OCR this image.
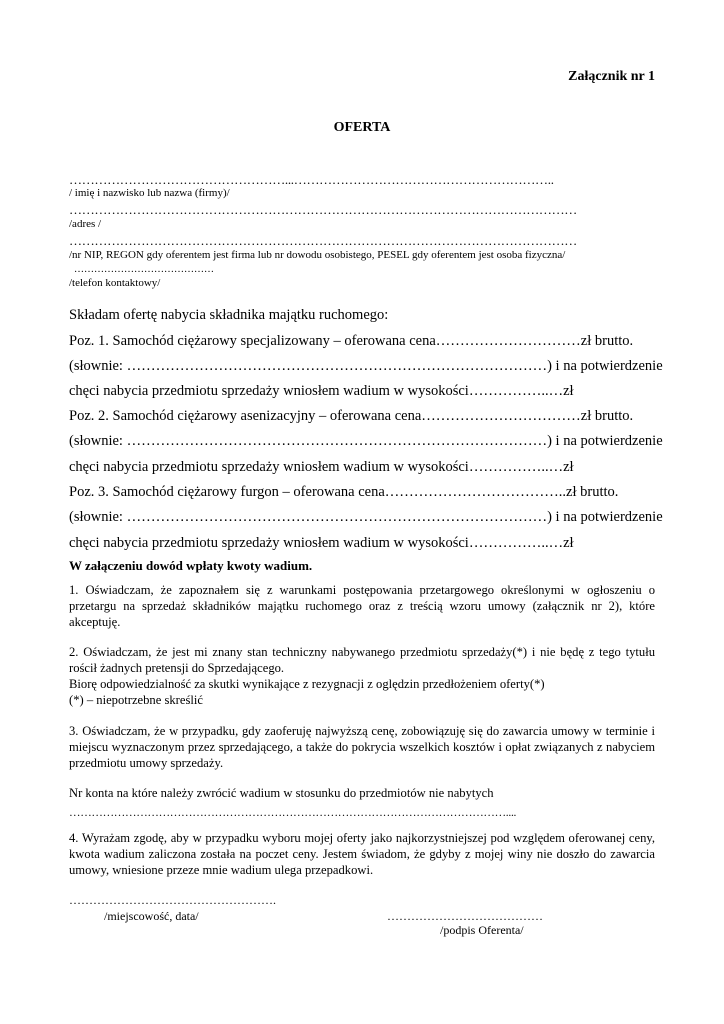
Załącznik nr 1
OFERTA
……………………………………………...……………………………………………………..
/ imię i nazwisko lub nazwa (firmy)/
…………………………………………………………………………………………………………
/adres /
…………………………………………………………………………………………………………
/nr NIP, REGON gdy oferentem jest firma lub nr dowodu osobistego, PESEL gdy oferentem jest osoba fizyczna/
……………………………………
/telefon kontaktowy/
Składam ofertę nabycia składnika majątku ruchomego:
Poz. 1. Samochód ciężarowy specjalizowany – oferowana cena…………………………zł brutto.
(słownie: ……………………………………………………………………………) i na potwierdzenie
chęci nabycia przedmiotu sprzedaży wniosłem wadium w wysokości……………..…zł
Poz. 2. Samochód ciężarowy asenizacyjny – oferowana cena……………………………zł brutto.
(słownie: ……………………………………………………………………………) i na potwierdzenie
chęci nabycia przedmiotu sprzedaży wniosłem wadium w wysokości……………..…zł
Poz. 3. Samochód ciężarowy furgon – oferowana cena………………………………..zł brutto.
(słownie: ……………………………………………………………………………) i na potwierdzenie
chęci nabycia przedmiotu sprzedaży wniosłem wadium w wysokości……………..…zł
W załączeniu dowód wpłaty kwoty wadium.
1. Oświadczam, że zapoznałem się z warunkami postępowania przetargowego określonymi w ogłoszeniu o przetargu na sprzedaż składników majątku ruchomego oraz z treścią wzoru umowy (załącznik nr 2), które akceptuję.
2. Oświadczam, że jest mi znany stan techniczny nabywanego przedmiotu sprzedaży(*) i nie będę z tego tytułu rościł żadnych pretensji do Sprzedającego.
Biorę odpowiedzialność za skutki wynikające z rezygnacji z oględzin przedłożeniem oferty(*)
(*) – niepotrzebne skreślić
3. Oświadczam, że w przypadku, gdy zaoferuję najwyższą cenę, zobowiązuję się do zawarcia umowy w terminie i miejscu wyznaczonym przez sprzedającego, a także do pokrycia wszelkich kosztów i opłat związanych z nabyciem przedmiotu umowy sprzedaży.
Nr konta na które należy zwrócić wadium w stosunku do przedmiotów nie nabytych
………………………………………………………………………………………………………....
4. Wyrażam zgodę, aby w przypadku wyboru mojej oferty jako najkorzystniejszej pod względem oferowanej ceny, kwota wadium zaliczona została na poczet ceny. Jestem świadom, że gdyby z mojej winy nie doszło do zawarcia umowy, wniesione przeze mnie wadium ulega przepadkowi.
…………………………………………….
/miejscowość, data/	…………………………………
/podpis Oferenta/
